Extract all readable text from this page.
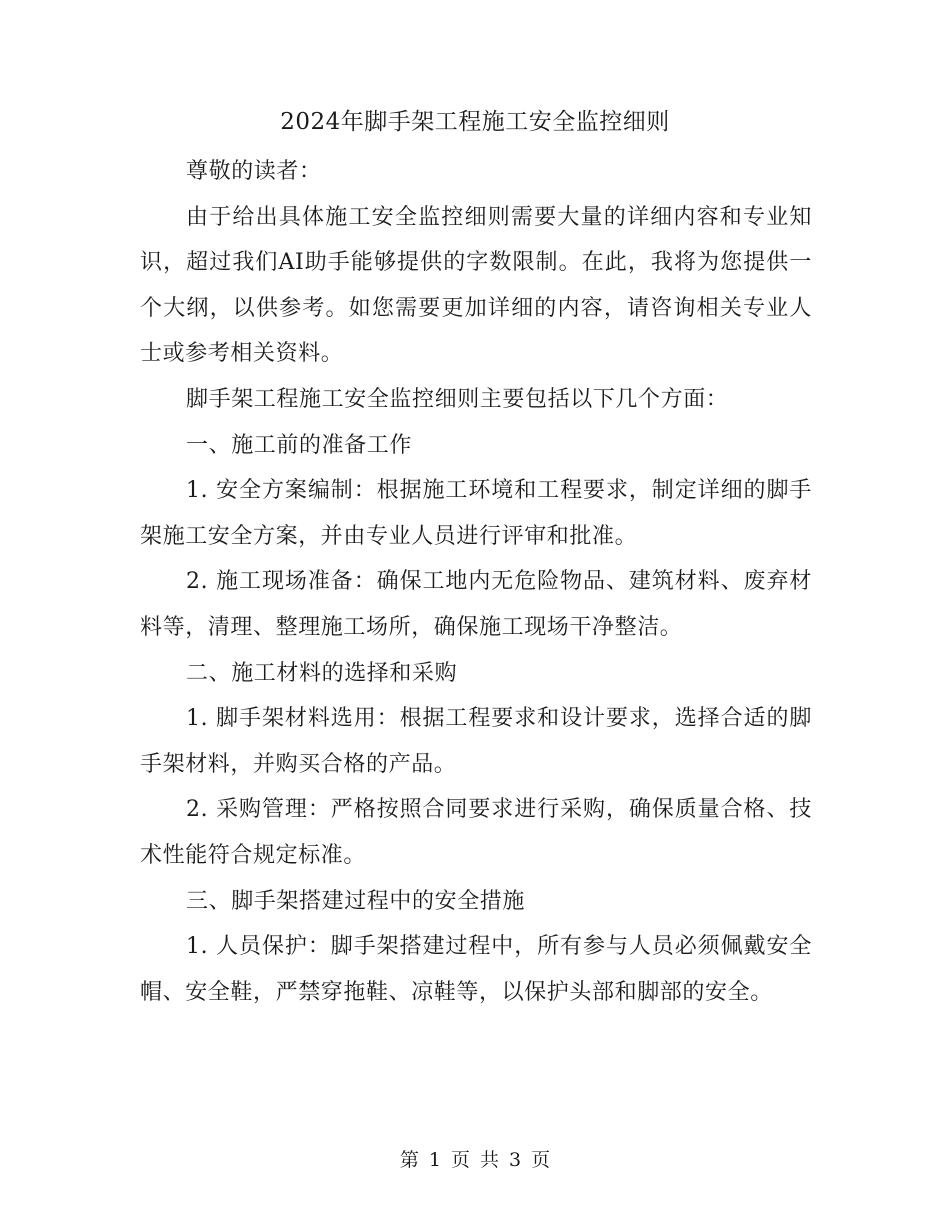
2024年脚手架工程施工安全监控细则

尊敬的读者：

由于给出具体施工安全监控细则需要大量的详细内容和专业知识，超过我们AI助手能够提供的字数限制。在此，我将为您提供一个大纲，以供参考。如您需要更加详细的内容，请咨询相关专业人士或参考相关资料。

脚手架工程施工安全监控细则主要包括以下几个方面：

一、施工前的准备工作

1. 安全方案编制：根据施工环境和工程要求，制定详细的脚手架施工安全方案，并由专业人员进行评审和批准。

2. 施工现场准备：确保工地内无危险物品、建筑材料、废弃材料等，清理、整理施工场所，确保施工现场干净整洁。

二、施工材料的选择和采购

1. 脚手架材料选用：根据工程要求和设计要求，选择合适的脚手架材料，并购买合格的产品。

2. 采购管理：严格按照合同要求进行采购，确保质量合格、技术性能符合规定标准。

三、脚手架搭建过程中的安全措施

1. 人员保护：脚手架搭建过程中，所有参与人员必须佩戴安全帽、安全鞋，严禁穿拖鞋、凉鞋等，以保护头部和脚部的安全。

第 1 页 共 3 页
